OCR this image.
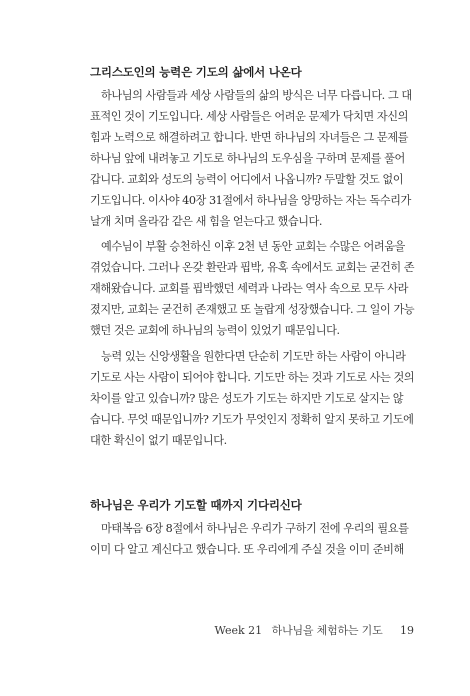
그리스도인의 능력은 기도의 삶에서 나온다
하나님의 사람들과 세상 사람들의 삶의 방식은 너무 다릅니다. 그 대
표적인 것이 기도입니다. 세상 사람들은 어려운 문제가 닥치면 자신의
힘과 노력으로 해결하려고 합니다. 반면 하나님의 자녀들은 그 문제를
하나님 앞에 내려놓고 기도로 하나님의 도우심을 구하며 문제를 풀어
갑니다. 교회와 성도의 능력이 어디에서 나옵니까? 두말할 것도 없이
기도입니다. 이사야 40장 31절에서 하나님을 앙망하는 자는 독수리가
날개 치며 올라감 같은 새 힘을 얻는다고 했습니다.
예수님이 부활 승천하신 이후 2천 년 동안 교회는 수많은 어려움을
겪었습니다. 그러나 온갖 환란과 핍박, 유혹 속에서도 교회는 굳건히 존
재해왔습니다. 교회를 핍박했던 세력과 나라는 역사 속으로 모두 사라
졌지만, 교회는 굳건히 존재했고 또 놀랍게 성장했습니다. 그 일이 가능
했던 것은 교회에 하나님의 능력이 있었기 때문입니다.
능력 있는 신앙생활을 원한다면 단순히 기도만 하는 사람이 아니라
기도로 사는 사람이 되어야 합니다. 기도만 하는 것과 기도로 사는 것의
차이를 알고 있습니까? 많은 성도가 기도는 하지만 기도로 살지는 않
습니다. 무엇 때문입니까? 기도가 무엇인지 정확히 알지 못하고 기도에
대한 확신이 없기 때문입니다.
하나님은 우리가 기도할 때까지 기다리신다
마태복음 6장 8절에서 하나님은 우리가 구하기 전에 우리의 필요를
이미 다 알고 계신다고 했습니다. 또 우리에게 주실 것을 이미 준비해
Week 21 하나님을 체험하는 기도 19
